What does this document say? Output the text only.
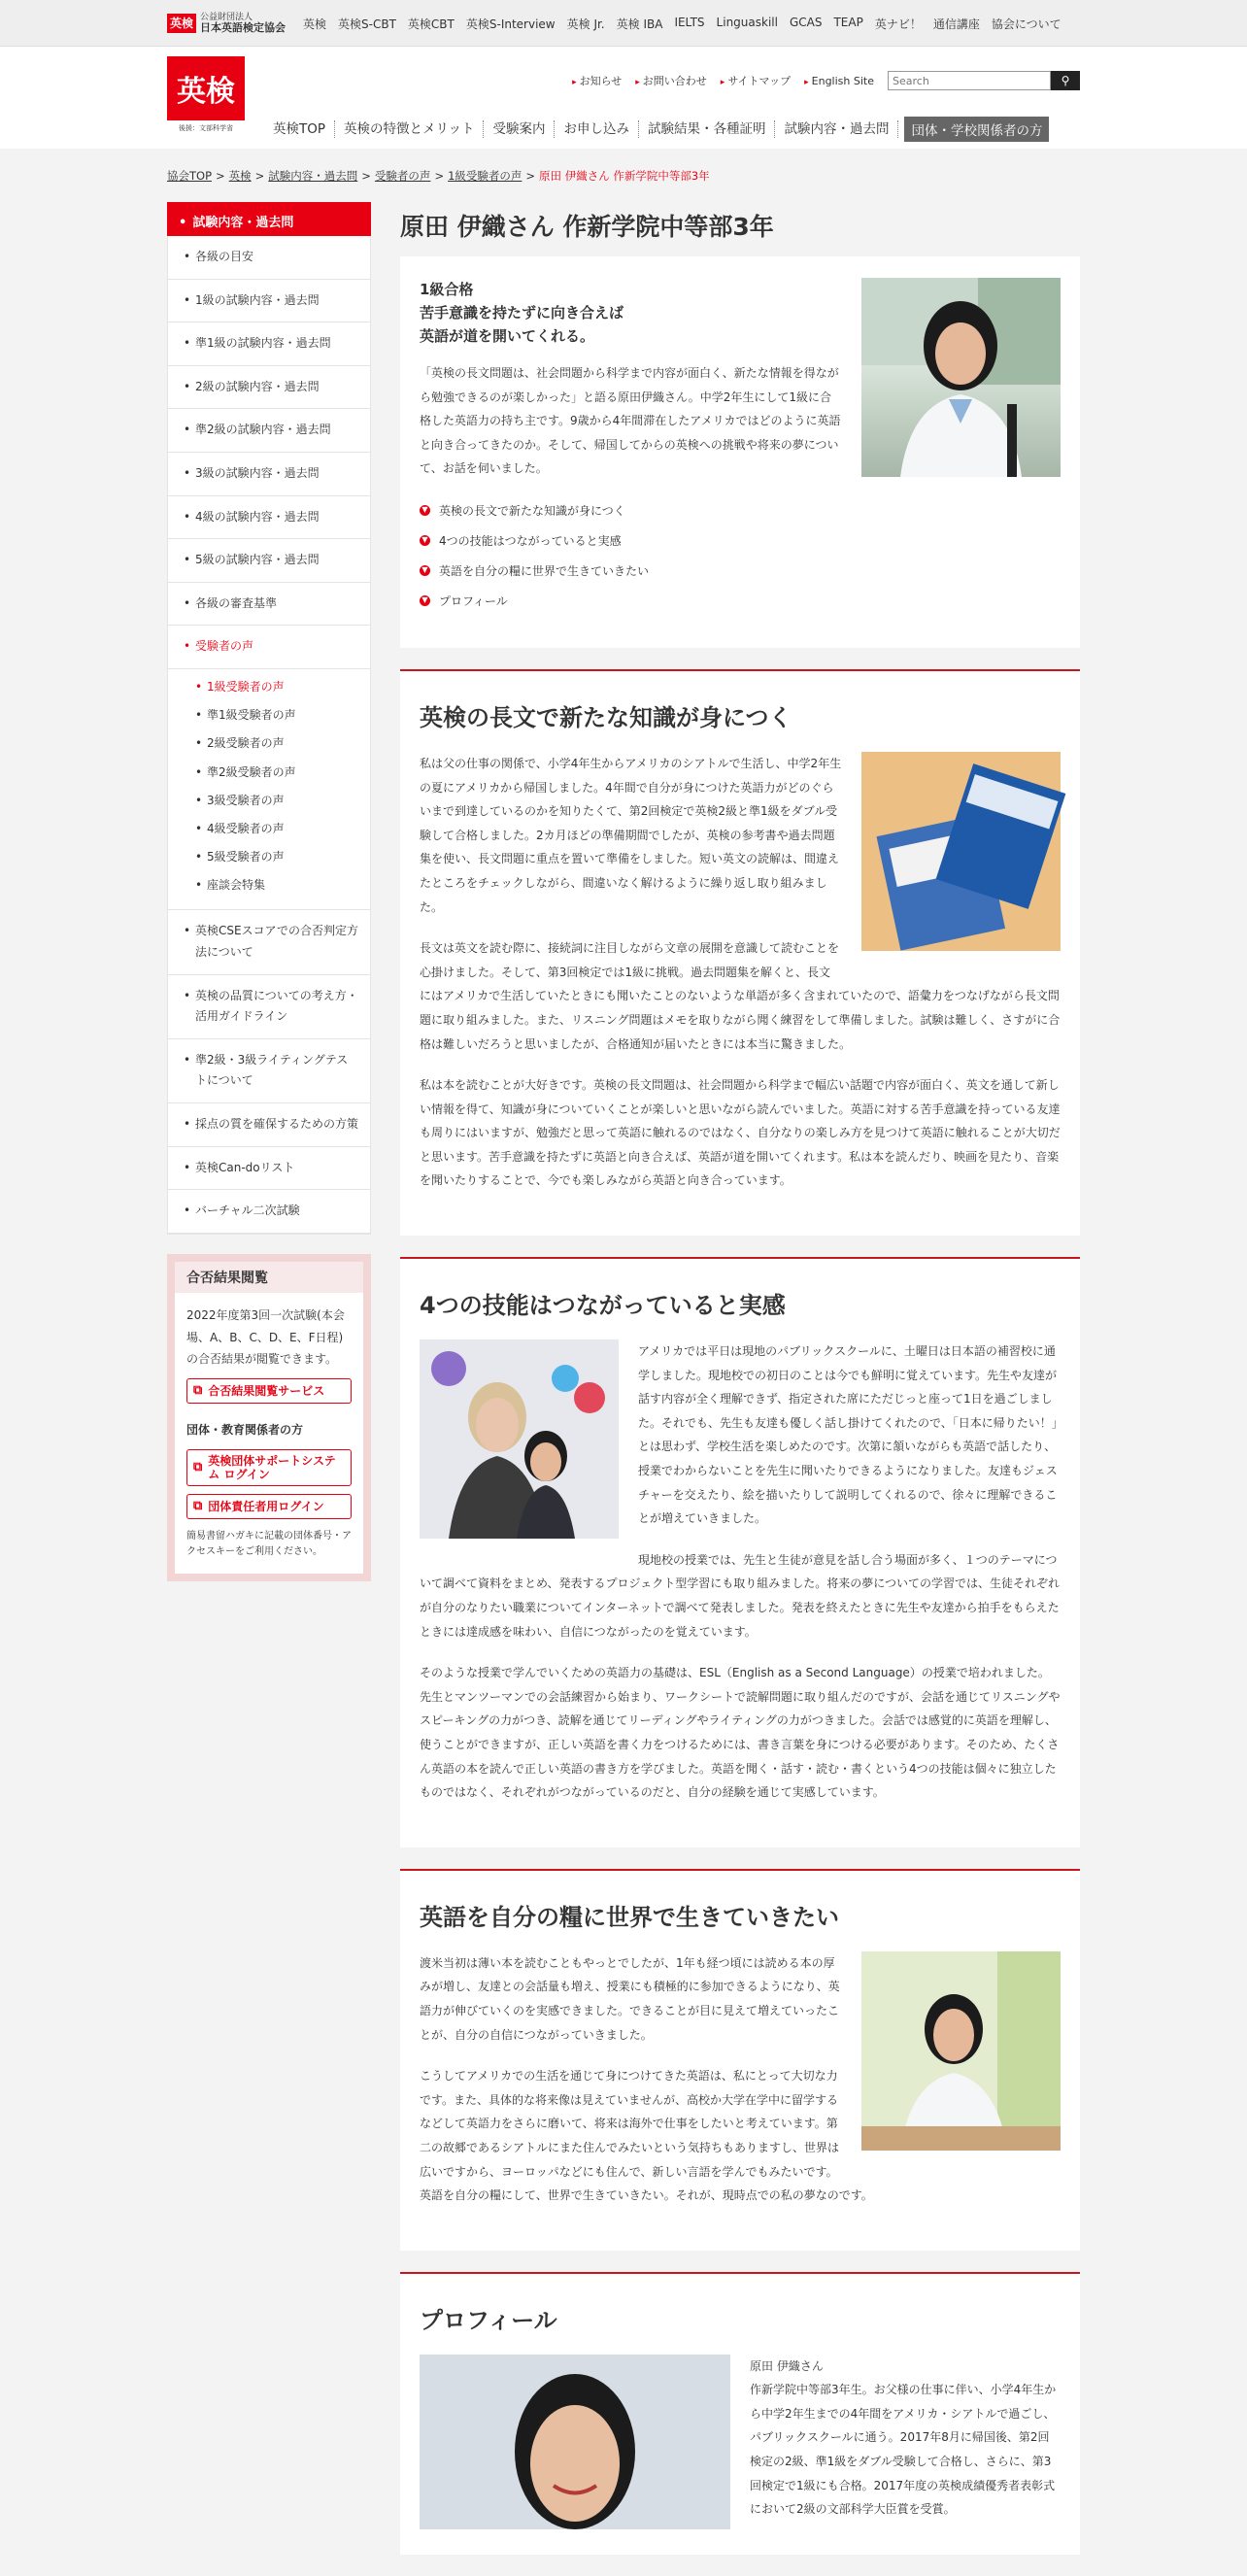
英検 公益財団法人
日本英語検定協会 英検 英検S-CBT 英検CBT 英検S-Interview 英検 Jr. 英検 IBA IELTS Linguaskill GCAS TEAP 英ナビ！ 通信講座 協会について
英検
後援：文部科学省
▸ お知らせ	▸ お問い合わせ	▸ サイトマップ	▸ English Site
Search	⚲
英検TOP	英検の特徴とメリット	受験案内	お申し込み	試験結果・各種証明	試験内容・過去問	団体・学校関係者の方
協会TOP > 英検 > 試験内容・過去問 > 受験者の声 > 1級受験者の声 > 原田 伊織さん 作新学院中等部3年
• 試験内容・過去問
• 各級の目安
• 1級の試験内容・過去問
• 準1級の試験内容・過去問
• 2級の試験内容・過去問
• 準2級の試験内容・過去問
• 3級の試験内容・過去問
• 4級の試験内容・過去問
• 5級の試験内容・過去問
• 各級の審査基準
• 受験者の声
• 1級受験者の声
• 準1級受験者の声
• 2級受験者の声
• 準2級受験者の声
• 3級受験者の声
• 4級受験者の声
• 5級受験者の声
• 座談会特集
• 英検CSEスコアでの合否判定方法について
• 英検の品質についての考え方・活用ガイドライン
• 準2級・3級ライティングテストについて
• 採点の質を確保するための方策
• 英検Can-doリスト
• バーチャル二次試験
合否結果閲覧
2022年度第3回一次試験(本会場、A、B、C、D、E、F日程)の合否結果が閲覧できます。
⧉ 合否結果閲覧サービス
団体・教育関係者の方
⧉ 英検団体サポートシステム ログイン
⧉ 団体責任者用ログイン
簡易書留ハガキに記載の団体番号・アクセスキーをご利用ください。
原田 伊織さん 作新学院中等部3年
1級合格
苦手意識を持たずに向き合えば
英語が道を開いてくれる。

「英検の長文問題は、社会問題から科学まで内容が面白く、新たな情報を得ながら勉強できるのが楽しかった」と語る原田伊織さん。中学2年生にして1級に合格した英語力の持ち主です。9歳から4年間滞在したアメリカではどのように英語と向き合ってきたのか。そして、帰国してからの英検への挑戦や将来の夢について、お話を伺いました。

▼ 英検の長文で新たな知識が身につく
▼ 4つの技能はつながっていると実感
▼ 英語を自分の糧に世界で生きていきたい
▼ プロフィール
英検の長文で新たな知識が身につく

私は父の仕事の関係で、小学4年生からアメリカのシアトルで生活し、中学2年生の夏にアメリカから帰国しました。4年間で自分が身につけた英語力がどのぐらいまで到達しているのかを知りたくて、第2回検定で英検2級と準1級をダブル受験して合格しました。2カ月ほどの準備期間でしたが、英検の参考書や過去問題集を使い、長文問題に重点を置いて準備をしました。短い英文の読解は、間違えたところをチェックしながら、間違いなく解けるように繰り返し取り組みました。

長文は英文を読む際に、接続詞に注目しながら文章の展開を意識して読むことを心掛けました。そして、第3回検定では1級に挑戦。過去問題集を解くと、長文にはアメリカで生活していたときにも聞いたことのないような単語が多く含まれていたので、語彙力をつなげながら長文問題に取り組みました。また、リスニング問題はメモを取りながら聞く練習をして準備しました。試験は難しく、さすがに合格は難しいだろうと思いましたが、合格通知が届いたときには本当に驚きました。

私は本を読むことが大好きです。英検の長文問題は、社会問題から科学まで幅広い話題で内容が面白く、英文を通して新しい情報を得て、知識が身についていくことが楽しいと思いながら読んでいました。英語に対する苦手意識を持っている友達も周りにはいますが、勉強だと思って英語に触れるのではなく、自分なりの楽しみ方を見つけて英語に触れることが大切だと思います。苦手意識を持たずに英語と向き合えば、英語が道を開いてくれます。私は本を読んだり、映画を見たり、音楽を聞いたりすることで、今でも楽しみながら英語と向き合っています。

4つの技能はつながっていると実感

アメリカでは平日は現地のパブリックスクールに、土曜日は日本語の補習校に通学しました。現地校での初日のことは今でも鮮明に覚えています。先生や友達が話す内容が全く理解できず、指定された席にただじっと座って1日を過ごしました。それでも、先生も友達も優しく話し掛けてくれたので、「日本に帰りたい！」とは思わず、学校生活を楽しめたのです。次第に頷いながらも英語で話したり、授業でわからないことを先生に聞いたりできるようになりました。友達もジェスチャーを交えたり、絵を描いたりして説明してくれるので、徐々に理解できることが増えていきました。

現地校の授業では、先生と生徒が意見を話し合う場面が多く、１つのテーマについて調べて資料をまとめ、発表するプロジェクト型学習にも取り組みました。将来の夢についての学習では、生徒それぞれが自分のなりたい職業についてインターネットで調べて発表しました。発表を終えたときに先生や友達から拍手をもらえたときには達成感を味わい、自信につながったのを覚えています。

そのような授業で学んでいくための英語力の基礎は、ESL（English as a Second Language）の授業で培われました。先生とマンツーマンでの会話練習から始まり、ワークシートで読解問題に取り組んだのですが、会話を通じてリスニングやスピーキングの力がつき、読解を通じてリーディングやライティングの力がつきました。会話では感覚的に英語を理解し、使うことができますが、正しい英語を書く力をつけるためには、書き言葉を身につける必要があります。そのため、たくさん英語の本を読んで正しい英語の書き方を学びました。英語を聞く・話す・読む・書くという4つの技能は個々に独立したものではなく、それぞれがつながっているのだと、自分の経験を通じて実感しています。

英語を自分の糧に世界で生きていきたい

渡米当初は薄い本を読むこともやっとでしたが、1年も経つ頃には読める本の厚みが増し、友達との会話量も増え、授業にも積極的に参加できるようになり、英語力が伸びていくのを実感できました。できることが目に見えて増えていったことが、自分の自信につながっていきました。

こうしてアメリカでの生活を通じて身につけてきた英語は、私にとって大切な力です。また、具体的な将来像は見えていませんが、高校か大学在学中に留学するなどして英語力をさらに磨いて、将来は海外で仕事をしたいと考えています。第二の故郷であるシアトルにまた住んでみたいという気持ちもありますし、世界は広いですから、ヨーロッパなどにも住んで、新しい言語を学んでもみたいです。英語を自分の糧にして、世界で生きていきたい。それが、現時点での私の夢なのです。

プロフィール
原田 伊織さん
作新学院中等部3年生。お父様の仕事に伴い、小学4年生から中学2年生までの4年間をアメリカ・シアトルで過ごし、パブリックスクールに通う。2017年8月に帰国後、第2回検定の2級、準1級をダブル受験して合格し、さらに、第3回検定で1級にも合格。2017年度の英検成績優秀者表彰式において2級の文部科学大臣賞を受賞。
